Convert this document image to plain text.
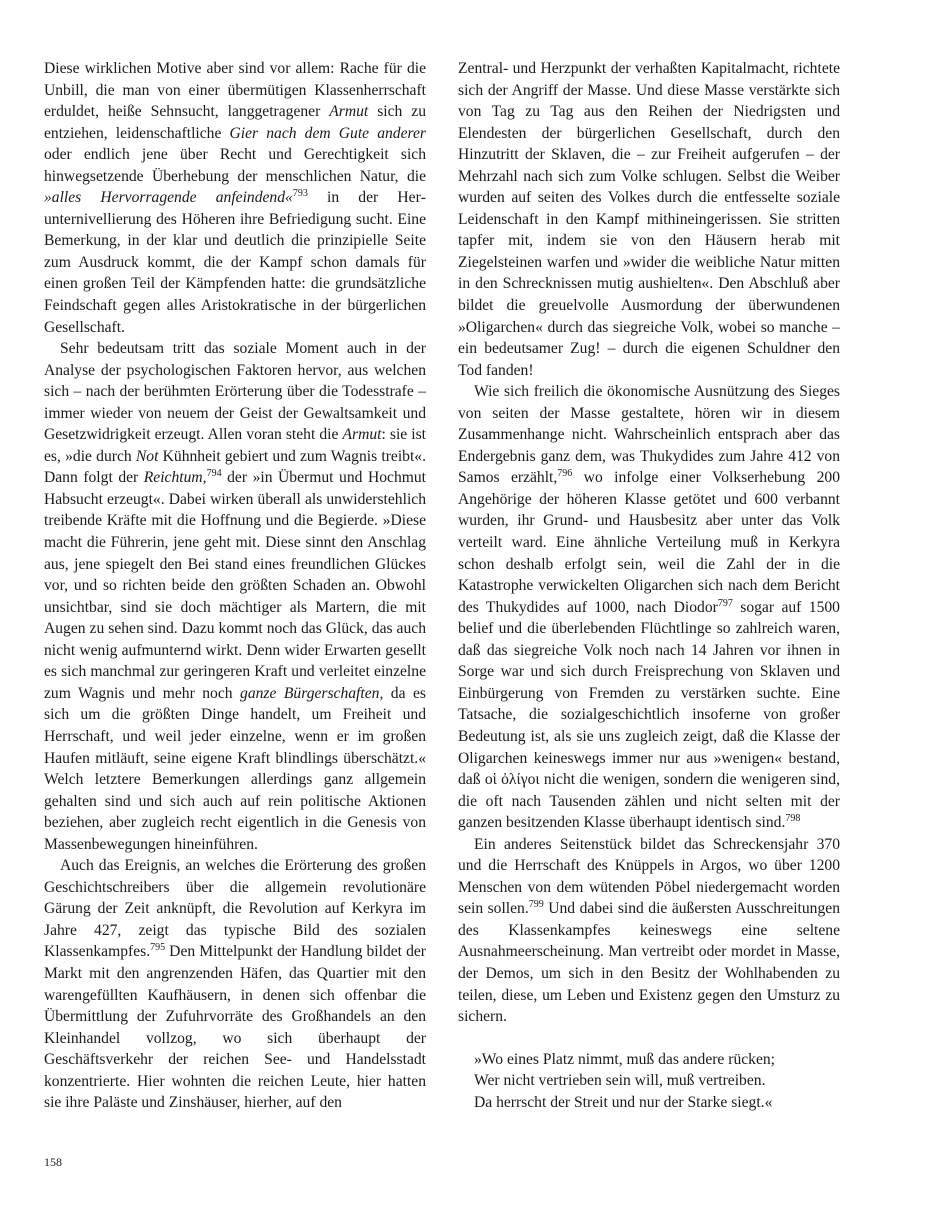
Diese wirklichen Motive aber sind vor allem: Rache für die Unbill, die man von einer übermütigen Klassenherrschaft erduldet, heiße Sehnsucht, langgetragener Armut sich zu entziehen, leidenschaftliche Gier nach dem Gute anderer oder endlich jene über Recht und Gerechtigkeit sich hinwegsetzende Überhebung der menschlichen Natur, die »alles Hervorragende anfeindend«$^{793}$ in der Herunternivellierung des Höheren ihre Befriedigung sucht. Eine Bemerkung, in der klar und deutlich die prinzipielle Seite zum Ausdruck kommt, die der Kampf schon damals für einen großen Teil der Kämpfenden hatte: die grundsätzliche Feindschaft gegen alles Aristokratische in der bürgerlichen Gesellschaft.

Sehr bedeutsam tritt das soziale Moment auch in der Analyse der psychologischen Faktoren hervor, aus welchen sich – nach der berühmten Erörterung über die Todesstrafe – immer wieder von neuem der Geist der Gewaltsamkeit und Gesetzwidrigkeit erzeugt. Allen voran steht die Armut: sie ist es, »die durch Not Kühnheit gebiert und zum Wagnis treibt«. Dann folgt der Reichtum,$^{794}$ der »in Übermut und Hochmut Habsucht erzeugt«. Dabei wirken überall als unwiderstehlich treibende Kräfte mit die Hoffnung und die Begierde. »Diese macht die Führerin, jene geht mit. Diese sinnt den Anschlag aus, jene spiegelt den Bei stand eines freundlichen Glückes vor, und so richten beide den größten Schaden an. Obwohl unsichtbar, sind sie doch mächtiger als Martern, die mit Augen zu sehen sind. Dazu kommt noch das Glück, das auch nicht wenig aufmunternd wirkt. Denn wider Erwarten gesellt es sich manchmal zur geringeren Kraft und verleitet einzelne zum Wagnis und mehr noch ganze Bürgerschaften, da es sich um die größten Dinge handelt, um Freiheit und Herrschaft, und weil jeder einzelne, wenn er im großen Haufen mitläuft, seine eigene Kraft blindlings überschätzt.« Welch letztere Bemerkungen allerdings ganz allgemein gehalten sind und sich auch auf rein politische Aktionen beziehen, aber zugleich recht eigentlich in die Genesis von Massenbewegungen hineinführen.

Auch das Ereignis, an welches die Erörterung des großen Geschichtschreibers über die allgemein revolutionäre Gärung der Zeit anknüpft, die Revolution auf Kerkyra im Jahre 427, zeigt das typische Bild des sozialen Klassenkampfes.$^{795}$ Den Mittelpunkt der Handlung bildet der Markt mit den angrenzenden Häfen, das Quartier mit den warengefüllten Kaufhäusern, in denen sich offenbar die Übermittlung der Zufuhrvorräte des Großhandels an den Kleinhandel vollzog, wo sich überhaupt der Geschäftsverkehr der reichen See- und Handelsstadt konzentrierte. Hier wohnten die reichen Leute, hier hatten sie ihre Paläste und Zinshäuser, hierher, auf den

Zentral- und Herzpunkt der verhaßten Kapitalmacht, richtete sich der Angriff der Masse. Und diese Masse verstärkte sich von Tag zu Tag aus den Reihen der Niedrigsten und Elendesten der bürgerlichen Gesellschaft, durch den Hinzutritt der Sklaven, die – zur Freiheit aufgerufen – der Mehrzahl nach sich zum Volke schlugen. Selbst die Weiber wurden auf seiten des Volkes durch die entfesselte soziale Leidenschaft in den Kampf mithineingerissen. Sie stritten tapfer mit, indem sie von den Häusern herab mit Ziegelsteinen warfen und »wider die weibliche Natur mitten in den Schrecknissen mutig aushielten«. Den Abschluß aber bildet die greuelvolle Ausmordung der überwundenen »Oligarchen« durch das siegreiche Volk, wobei so manche – ein bedeutsamer Zug! – durch die eigenen Schuldner den Tod fanden!

Wie sich freilich die ökonomische Ausnützung des Sieges von seiten der Masse gestaltete, hören wir in diesem Zusammenhange nicht. Wahrscheinlich entsprach aber das Endergebnis ganz dem, was Thukydides zum Jahre 412 von Samos erzählt,$^{796}$ wo infolge einer Volkserhebung 200 Angehörige der höheren Klasse getötet und 600 verbannt wurden, ihr Grund- und Hausbesitz aber unter das Volk verteilt ward. Eine ähnliche Verteilung muß in Kerkyra schon deshalb erfolgt sein, weil die Zahl der in die Katastrophe verwickelten Oligarchen sich nach dem Bericht des Thukydides auf 1000, nach Diodor$^{797}$ sogar auf 1500 belief und die überlebenden Flüchtlinge so zahlreich waren, daß das siegreiche Volk noch nach 14 Jahren vor ihnen in Sorge war und sich durch Freisprechung von Sklaven und Einbürgerung von Fremden zu verstärken suchte. Eine Tatsache, die sozialgeschichtlich insoferne von großer Bedeutung ist, als sie uns zugleich zeigt, daß die Klasse der Oligarchen keineswegs immer nur aus »wenigen« bestand, daß οἱ ὀλίγοι nicht die wenigen, sondern die wenigeren sind, die oft nach Tausenden zählen und nicht selten mit der ganzen besitzenden Klasse überhaupt identisch sind.$^{798}$

Ein anderes Seitenstück bildet das Schreckensjahr 370 und die Herrschaft des Knüppels in Argos, wo über 1200 Menschen von dem wütenden Pöbel niedergemacht worden sein sollen.$^{799}$ Und dabei sind die äußersten Ausschreitungen des Klassenkampfes keineswegs eine seltene Ausnahmeerscheinung. Man vertreibt oder mordet in Masse, der Demos, um sich in den Besitz der Wohlhabenden zu teilen, diese, um Leben und Existenz gegen den Umsturz zu sichern.

»Wo eines Platz nimmt, muß das andere rücken;
Wer nicht vertrieben sein will, muß vertreiben.
Da herrscht der Streit und nur der Starke siegt.«
158
